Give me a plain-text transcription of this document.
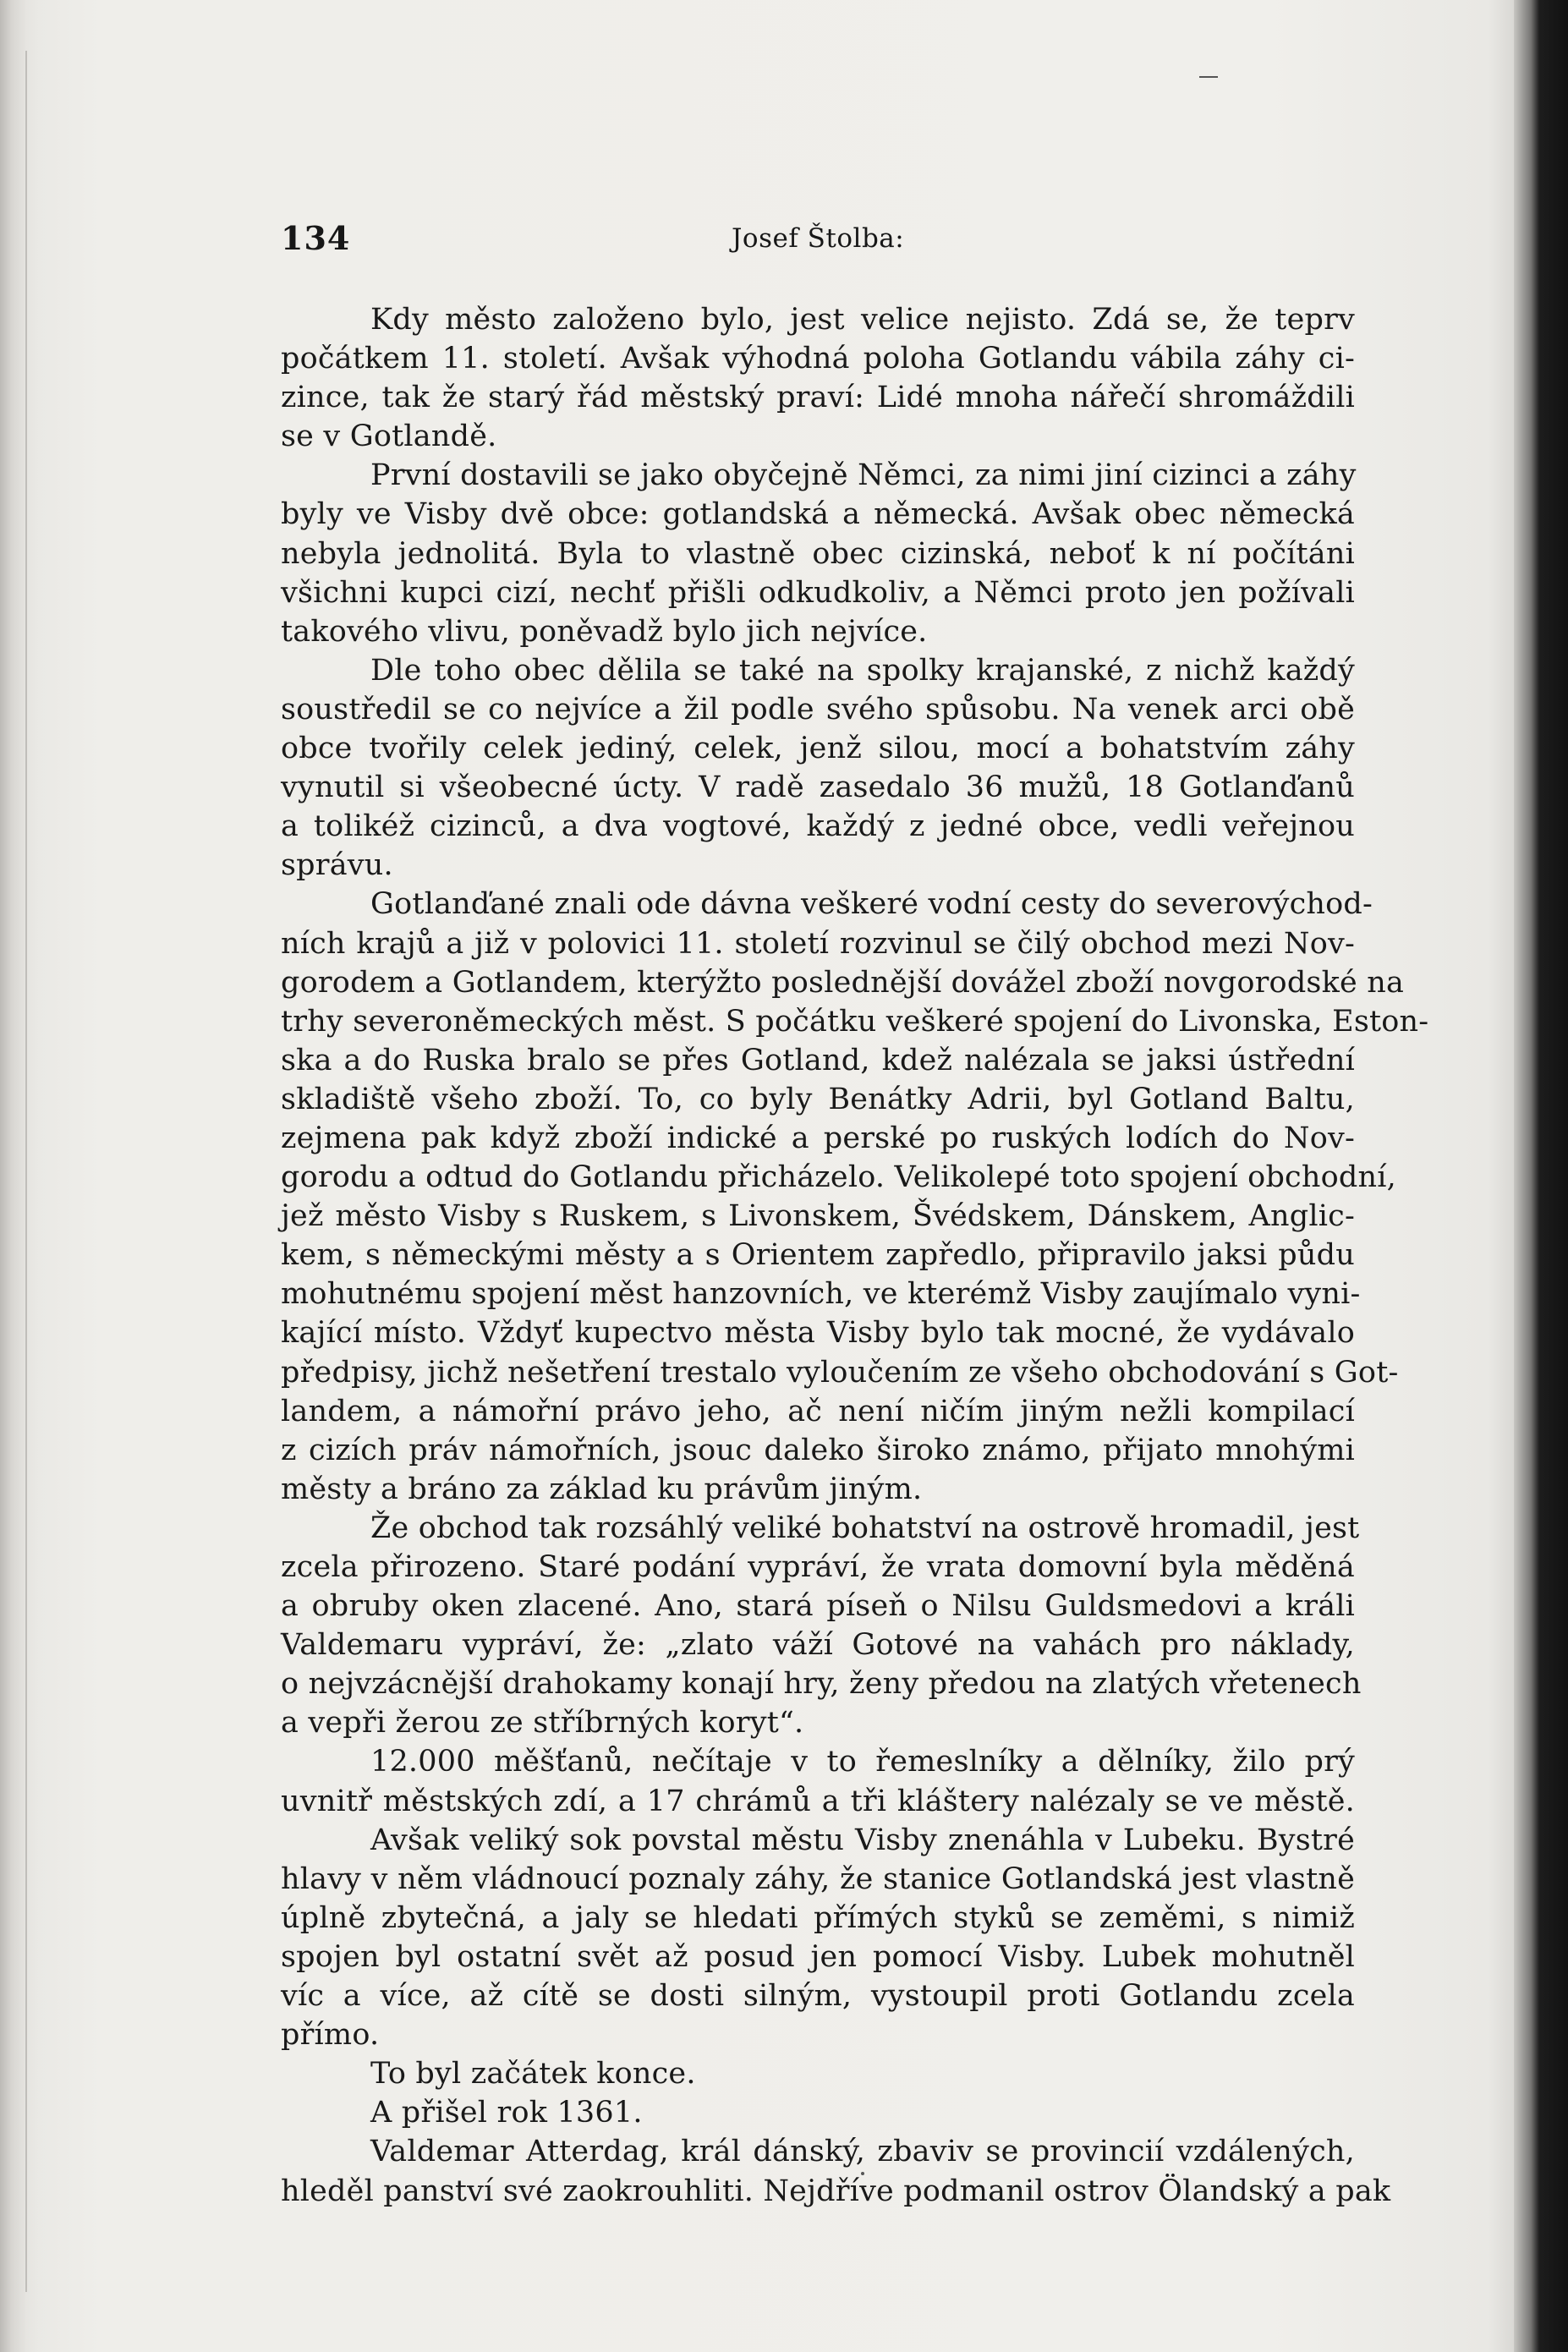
134	Josef Štolba:
Kdy město založeno bylo, jest velice nejisto. Zdá se, že teprv
počátkem 11. století. Avšak výhodná poloha Gotlandu vábila záhy ci-
zince, tak že starý řád městský praví: Lidé mnoha nářečí shromáždili
se v Gotlandě.
První dostavili se jako obyčejně Němci, za nimi jiní cizinci a záhy
byly ve Visby dvě obce: gotlandská a německá. Avšak obec německá
nebyla jednolitá. Byla to vlastně obec cizinská, neboť k ní počítáni
všichni kupci cizí, nechť přišli odkudkoliv, a Němci proto jen požívali
takového vlivu, poněvadž bylo jich nejvíce.
Dle toho obec dělila se také na spolky krajanské, z nichž každý
soustředil se co nejvíce a žil podle svého spůsobu. Na venek arci obě
obce tvořily celek jediný, celek, jenž silou, mocí a bohatstvím záhy
vynutil si všeobecné úcty. V radě zasedalo 36 mužů, 18 Gotlanďanů
a tolikéž cizinců, a dva vogtové, každý z jedné obce, vedli veřejnou
správu.
Gotlanďané znali ode dávna veškeré vodní cesty do severovýchod-
ních krajů a již v polovici 11. století rozvinul se čilý obchod mezi Nov-
gorodem a Gotlandem, kterýžto poslednější dovážel zboží novgorodské na
trhy severoněmeckých měst. S počátku veškeré spojení do Livonska, Eston-
ska a do Ruska bralo se přes Gotland, kdež nalézala se jaksi ústřední
skladiště všeho zboží. To, co byly Benátky Adrii, byl Gotland Baltu,
zejmena pak když zboží indické a perské po ruských lodích do Nov-
gorodu a odtud do Gotlandu přicházelo. Velikolepé toto spojení obchodní,
jež město Visby s Ruskem, s Livonskem, Švédskem, Dánskem, Anglic-
kem, s německými městy a s Orientem zapředlo, připravilo jaksi půdu
mohutnému spojení měst hanzovních, ve kterémž Visby zaujímalo vyni-
kající místo. Vždyť kupectvo města Visby bylo tak mocné, že vydávalo
předpisy, jichž nešetření trestalo vyloučením ze všeho obchodování s Got-
landem, a námořní právo jeho, ač není ničím jiným nežli kompilací
z cizích práv námořních, jsouc daleko široko známo, přijato mnohými
městy a bráno za základ ku právům jiným.
Že obchod tak rozsáhlý veliké bohatství na ostrově hromadil, jest
zcela přirozeno. Staré podání vypráví, že vrata domovní byla měděná
a obruby oken zlacené. Ano, stará píseň o Nilsu Guldsmedovi a králi
Valdemaru vypráví, že: „zlato váží Gotové na vahách pro náklady,
o nejvzácnější drahokamy konají hry, ženy předou na zlatých vřetenech
a vepři žerou ze stříbrných koryt“.
12.000 měšťanů, nečítaje v to řemeslníky a dělníky, žilo prý
uvnitř městských zdí, a 17 chrámů a tři kláštery nalézaly se ve městě.
Avšak veliký sok povstal městu Visby znenáhla v Lubeku. Bystré
hlavy v něm vládnoucí poznaly záhy, že stanice Gotlandská jest vlastně
úplně zbytečná, a jaly se hledati přímých styků se zeměmi, s nimiž
spojen byl ostatní svět až posud jen pomocí Visby. Lubek mohutněl
víc a více, až cítě se dosti silným, vystoupil proti Gotlandu zcela
přímo.
To byl začátek konce.
A přišel rok 1361.
Valdemar Atterdag, král dánský, zbaviv se provincií vzdálených,
hleděl panství své zaokrouhliti. Nejdříve podmanil ostrov Ölandský a pak
